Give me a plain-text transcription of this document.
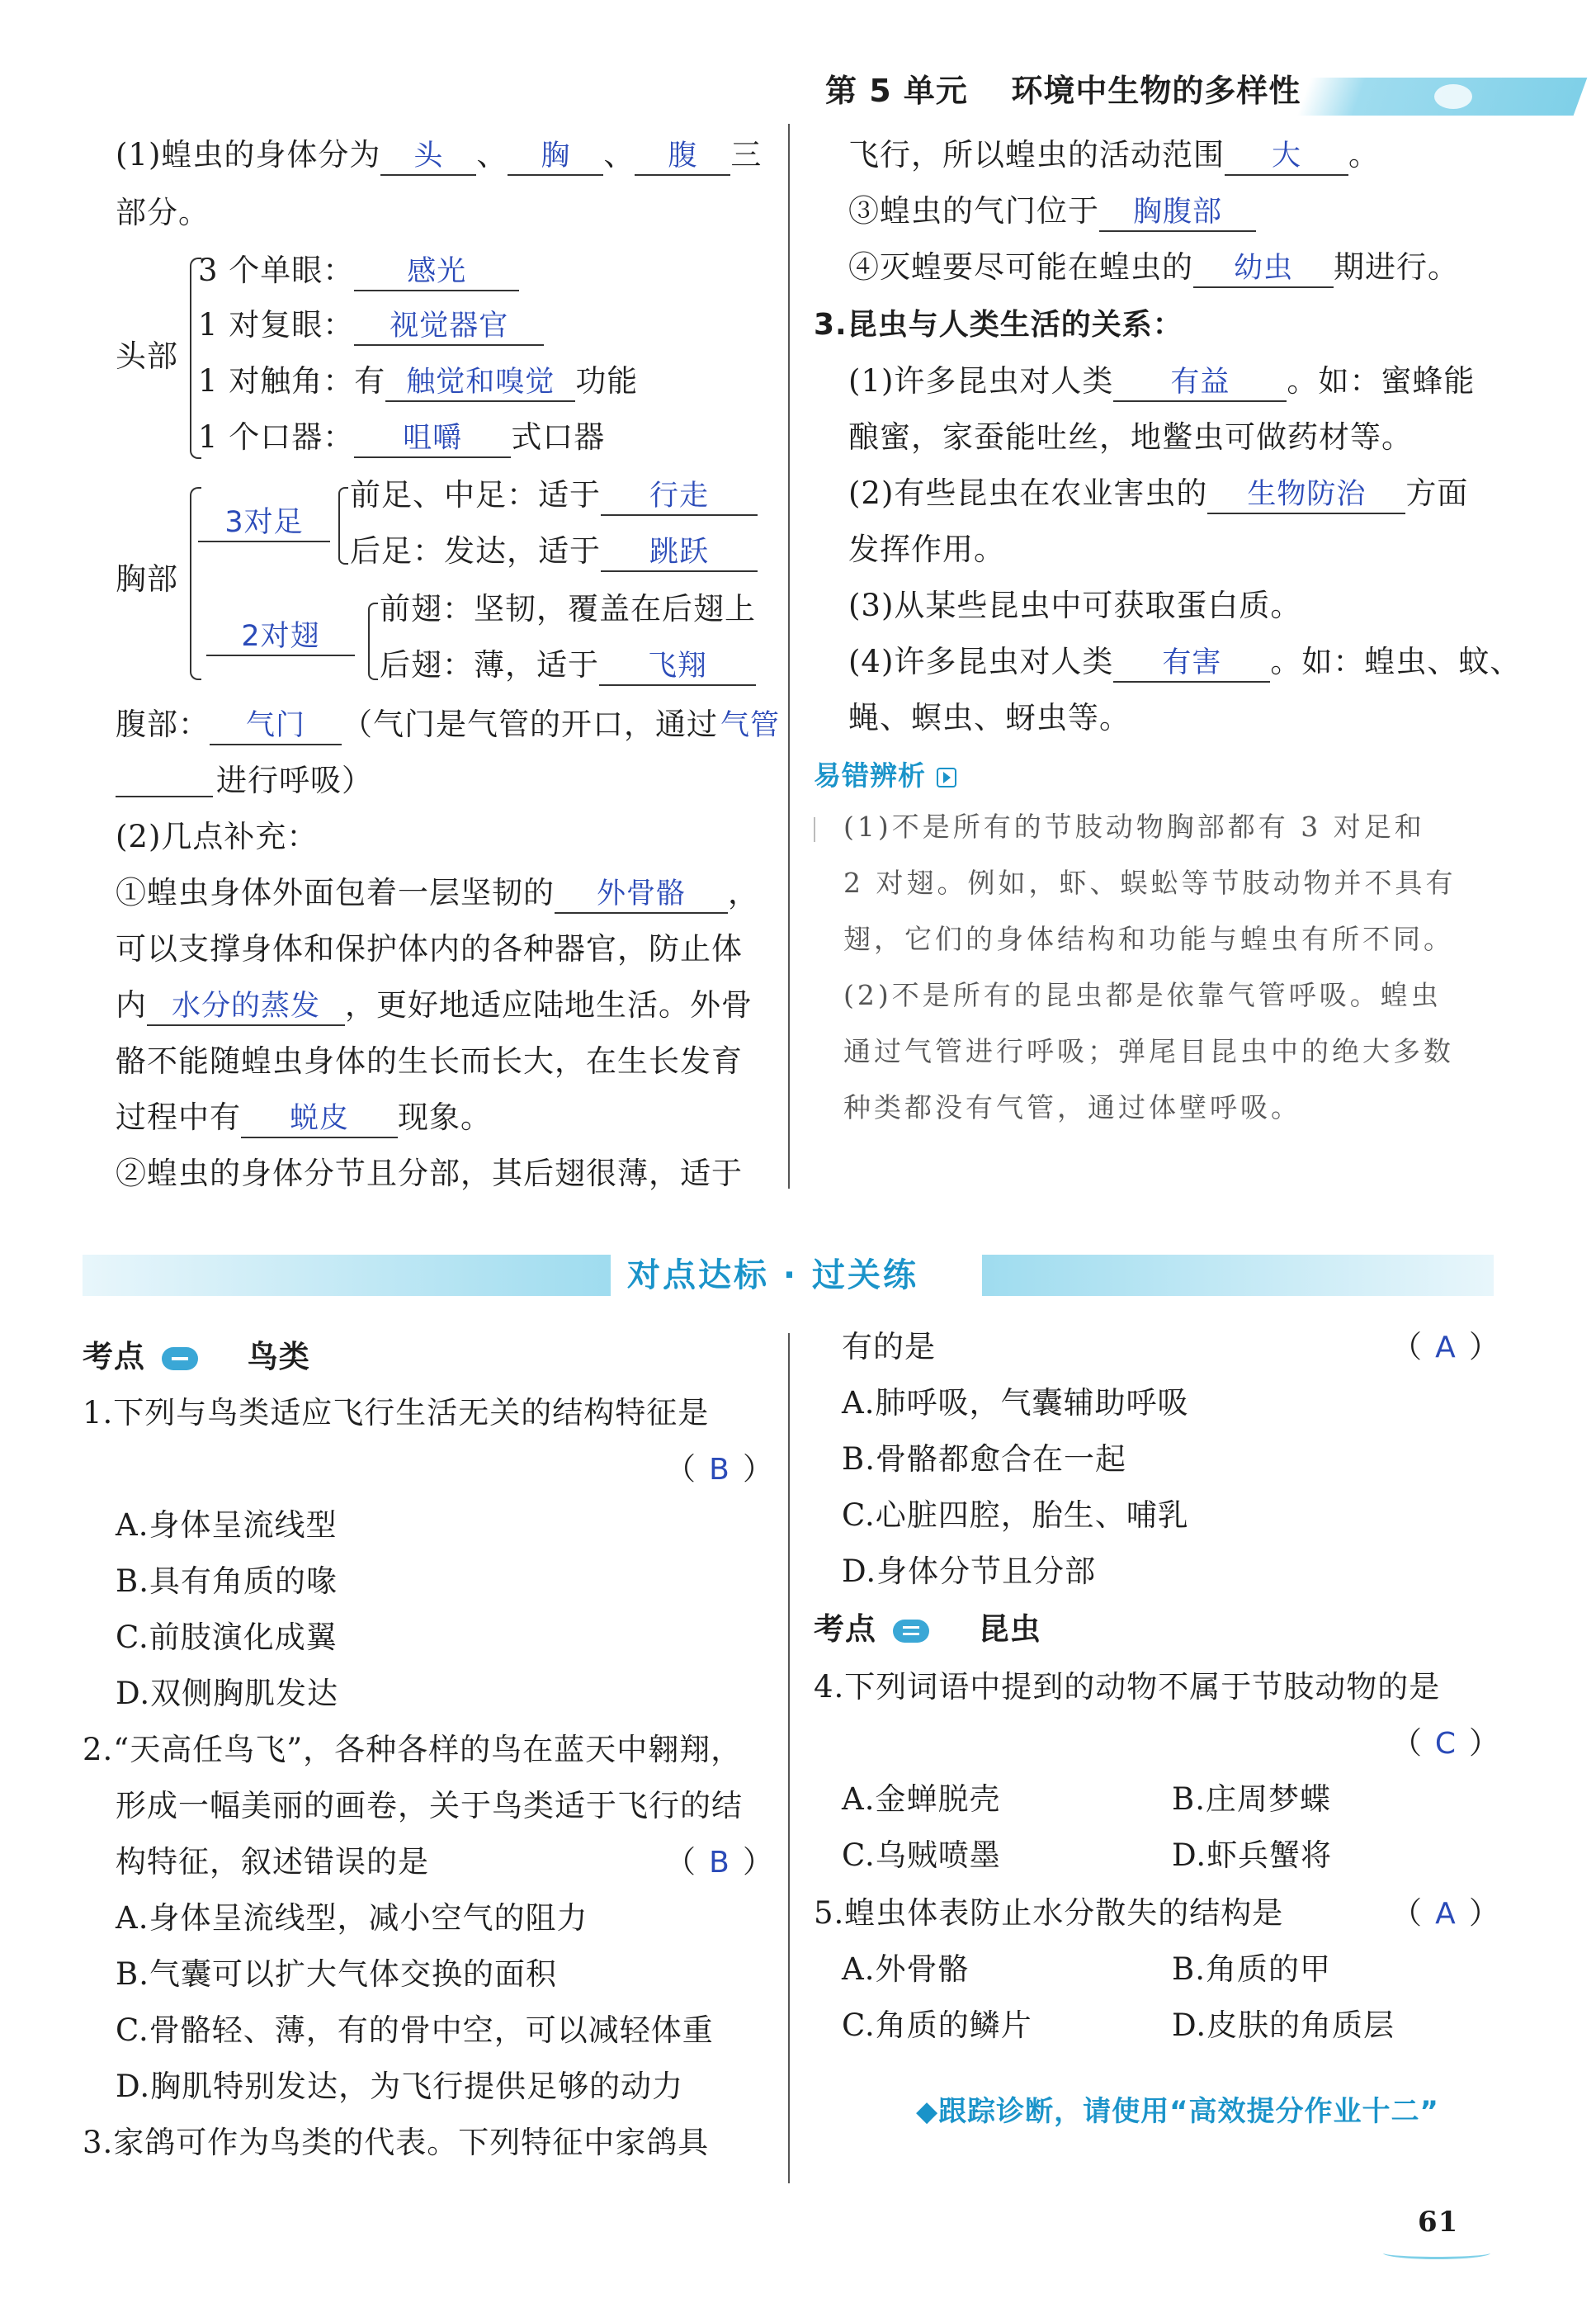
第 5 单元 环境中生物的多样性
(1)蝗虫的身体分为 头 、 胸 、 腹 三
部分。
头部
3 个单眼： 感光
1 对复眼： 视觉器官
1 对触角：有 触觉和嗅觉 功能
1 个口器： 咀嚼 式口器
胸部
3对足
前足、中足：适于 行走
后足：发达，适于 跳跃
2对翅
前翅：坚韧，覆盖在后翅上
后翅：薄，适于 飞翔
腹部： 气门 （气门是气管的开口，通过气管
进行呼吸）
(2)几点补充：
①蝗虫身体外面包着一层坚韧的 外骨骼 ，
可以支撑身体和保护体内的各种器官，防止体
内 水分的蒸发 ，更好地适应陆地生活。外骨
骼不能随蝗虫身体的生长而长大，在生长发育
过程中有 蜕皮 现象。
②蝗虫的身体分节且分部，其后翅很薄，适于
飞行，所以蝗虫的活动范围 大 。
③蝗虫的气门位于 胸腹部
④灭蝗要尽可能在蝗虫的 幼虫 期进行。
3.昆虫与人类生活的关系：
(1)许多昆虫对人类 有益 。如：蜜蜂能
酿蜜，家蚕能吐丝，地鳖虫可做药材等。
(2)有些昆虫在农业害虫的 生物防治 方面
发挥作用。
(3)从某些昆虫中可获取蛋白质。
(4)许多昆虫对人类 有害 。如：蝗虫、蚊、
蝇、螟虫、蚜虫等。
易错辨析
(1)不是所有的节肢动物胸部都有 3 对足和
2 对翅。例如，虾、蜈蚣等节肢动物并不具有
翅，它们的身体结构和功能与蝗虫有所不同。
(2)不是所有的昆虫都是依靠气管呼吸。蝗虫
通过气管进行呼吸；弹尾目昆虫中的绝大多数
种类都没有气管，通过体壁呼吸。
对点达标 · 过关练
考点	鸟类
1.下列与鸟类适应飞行生活无关的结构特征是
（ B ）
A.身体呈流线型
B.具有角质的喙
C.前肢演化成翼
D.双侧胸肌发达
2.“天高任鸟飞”，各种各样的鸟在蓝天中翱翔，
形成一幅美丽的画卷，关于鸟类适于飞行的结
构特征，叙述错误的是	（ B ）
A.身体呈流线型，减小空气的阻力
B.气囊可以扩大气体交换的面积
C.骨骼轻、薄，有的骨中空，可以减轻体重
D.胸肌特别发达，为飞行提供足够的动力
3.家鸽可作为鸟类的代表。下列特征中家鸽具
有的是	（ A ）
A.肺呼吸，气囊辅助呼吸
B.骨骼都愈合在一起
C.心脏四腔，胎生、哺乳
D.身体分节且分部
考点	昆虫
4.下列词语中提到的动物不属于节肢动物的是
（ C ）
A.金蝉脱壳	B.庄周梦蝶
C.乌贼喷墨	D.虾兵蟹将
5.蝗虫体表防止水分散失的结构是	（ A ）
A.外骨骼	B.角质的甲
C.角质的鳞片	D.皮肤的角质层
◆跟踪诊断，请使用“高效提分作业十二”
61
